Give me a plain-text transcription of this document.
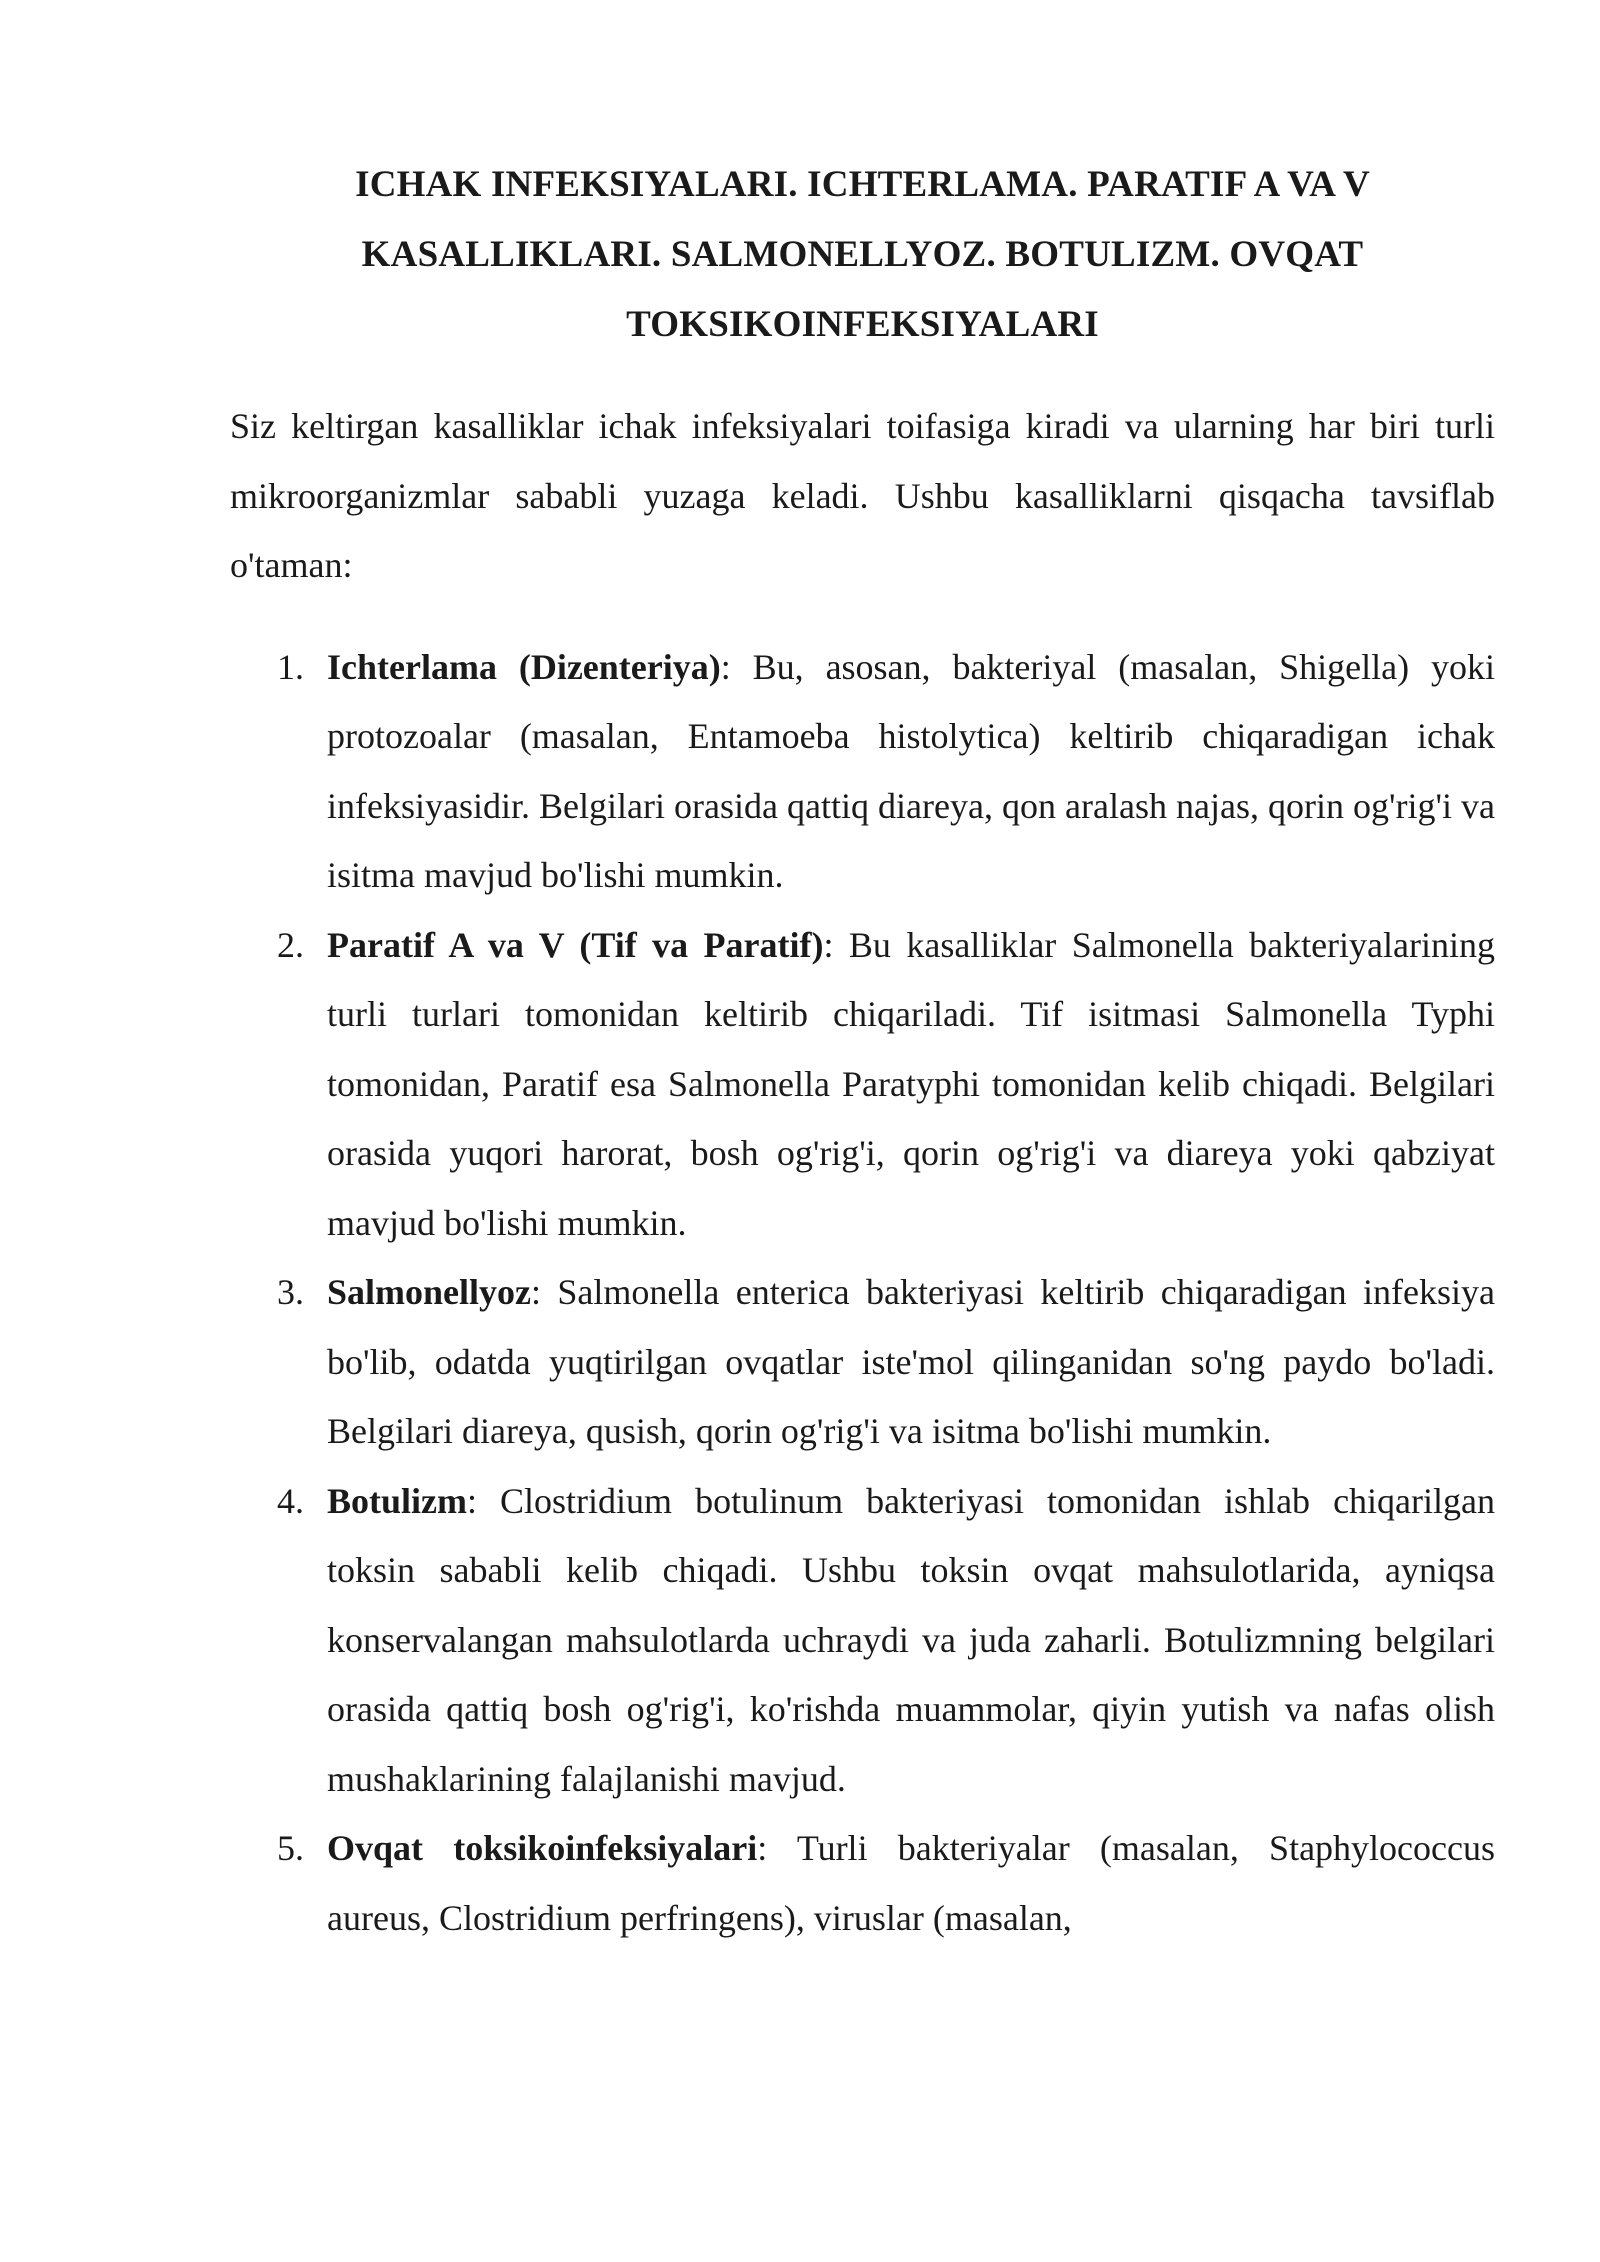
ICHAK INFEKSIYALARI. ICHTERLAMA. PARATIF A VA V KASALLIKLARI. SALMONELLYOZ. BOTULIZM. OVQAT TOKSIKOINFEKSIYALARI

Siz keltirgan kasalliklar ichak infeksiyalari toifasiga kiradi va ularning har biri turli mikroorganizmlar sababli yuzaga keladi. Ushbu kasalliklarni qisqacha tavsiflab o'taman:

1. Ichterlama (Dizenteriya): Bu, asosan, bakteriyal (masalan, Shigella) yoki protozoalar (masalan, Entamoeba histolytica) keltirib chiqaradigan ichak infeksiyasidir. Belgilari orasida qattiq diareya, qon aralash najas, qorin og'rig'i va isitma mavjud bo'lishi mumkin.
2. Paratif A va V (Tif va Paratif): Bu kasalliklar Salmonella bakteriyalarining turli turlari tomonidan keltirib chiqariladi. Tif isitmasi Salmonella Typhi tomonidan, Paratif esa Salmonella Paratyphi tomonidan kelib chiqadi. Belgilari orasida yuqori harorat, bosh og'rig'i, qorin og'rig'i va diareya yoki qabziyat mavjud bo'lishi mumkin.
3. Salmonellyoz: Salmonella enterica bakteriyasi keltirib chiqaradigan infeksiya bo'lib, odatda yuqtirilgan ovqatlar iste'mol qilinganidan so'ng paydo bo'ladi. Belgilari diareya, qusish, qorin og'rig'i va isitma bo'lishi mumkin.
4. Botulizm: Clostridium botulinum bakteriyasi tomonidan ishlab chiqarilgan toksin sababli kelib chiqadi. Ushbu toksin ovqat mahsulotlarida, ayniqsa konservalangan mahsulotlarda uchraydi va juda zaharli. Botulizmning belgilari orasida qattiq bosh og'rig'i, ko'rishda muammolar, qiyin yutish va nafas olish mushaklarining falajlanishi mavjud.
5. Ovqat toksikoinfeksiyalari: Turli bakteriyalar (masalan, Staphylococcus aureus, Clostridium perfringens), viruslar (masalan,
